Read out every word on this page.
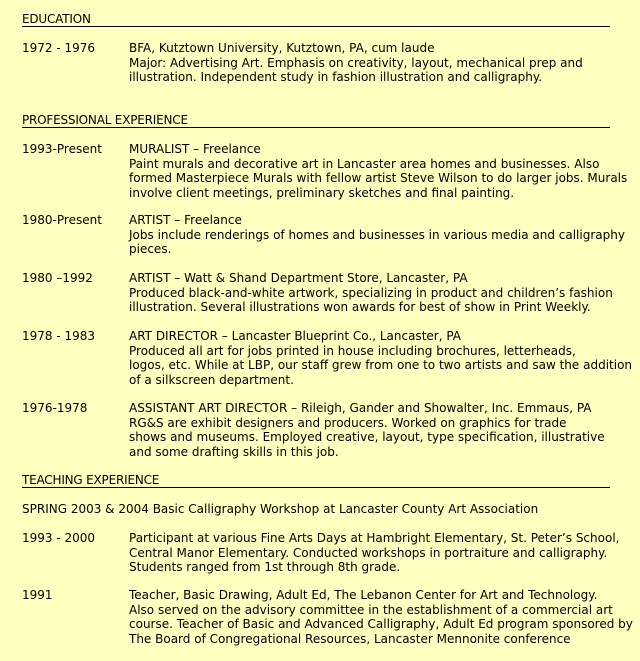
EDUCATION
1972 - 1976	BFA, Kutztown University, Kutztown, PA, cum laude
Major: Advertising Art. Emphasis on creativity, layout, mechanical prep and
illustration. Independent study in fashion illustration and calligraphy.
PROFESSIONAL EXPERIENCE
1993-Present	MURALIST – Freelance
Paint murals and decorative art in Lancaster area homes and businesses. Also
formed Masterpiece Murals with fellow artist Steve Wilson to do larger jobs. Murals
involve client meetings, preliminary sketches and final painting.
1980-Present	ARTIST – Freelance
Jobs include renderings of homes and businesses in various media and calligraphy
pieces.
1980 –1992	ARTIST – Watt & Shand Department Store, Lancaster, PA
Produced black-and-white artwork, specializing in product and children’s fashion
illustration. Several illustrations won awards for best of show in Print Weekly.
1978 - 1983	ART DIRECTOR – Lancaster Blueprint Co., Lancaster, PA
Produced all art for jobs printed in house including brochures, letterheads,
logos, etc. While at LBP, our staff grew from one to two artists and saw the addition
of a silkscreen department.
1976-1978	ASSISTANT ART DIRECTOR – Rileigh, Gander and Showalter, Inc. Emmaus, PA
RG&S are exhibit designers and producers. Worked on graphics for trade
shows and museums. Employed creative, layout, type specification, illustrative
and some drafting skills in this job.
TEACHING EXPERIENCE
SPRING 2003 & 2004 Basic Calligraphy Workshop at Lancaster County Art Association
1993 - 2000	Participant at various Fine Arts Days at Hambright Elementary, St. Peter’s School,
Central Manor Elementary. Conducted workshops in portraiture and calligraphy.
Students ranged from 1st through 8th grade.
1991	Teacher, Basic Drawing, Adult Ed, The Lebanon Center for Art and Technology.
Also served on the advisory committee in the establishment of a commercial art
course. Teacher of Basic and Advanced Calligraphy, Adult Ed program sponsored by
The Board of Congregational Resources, Lancaster Mennonite conference
